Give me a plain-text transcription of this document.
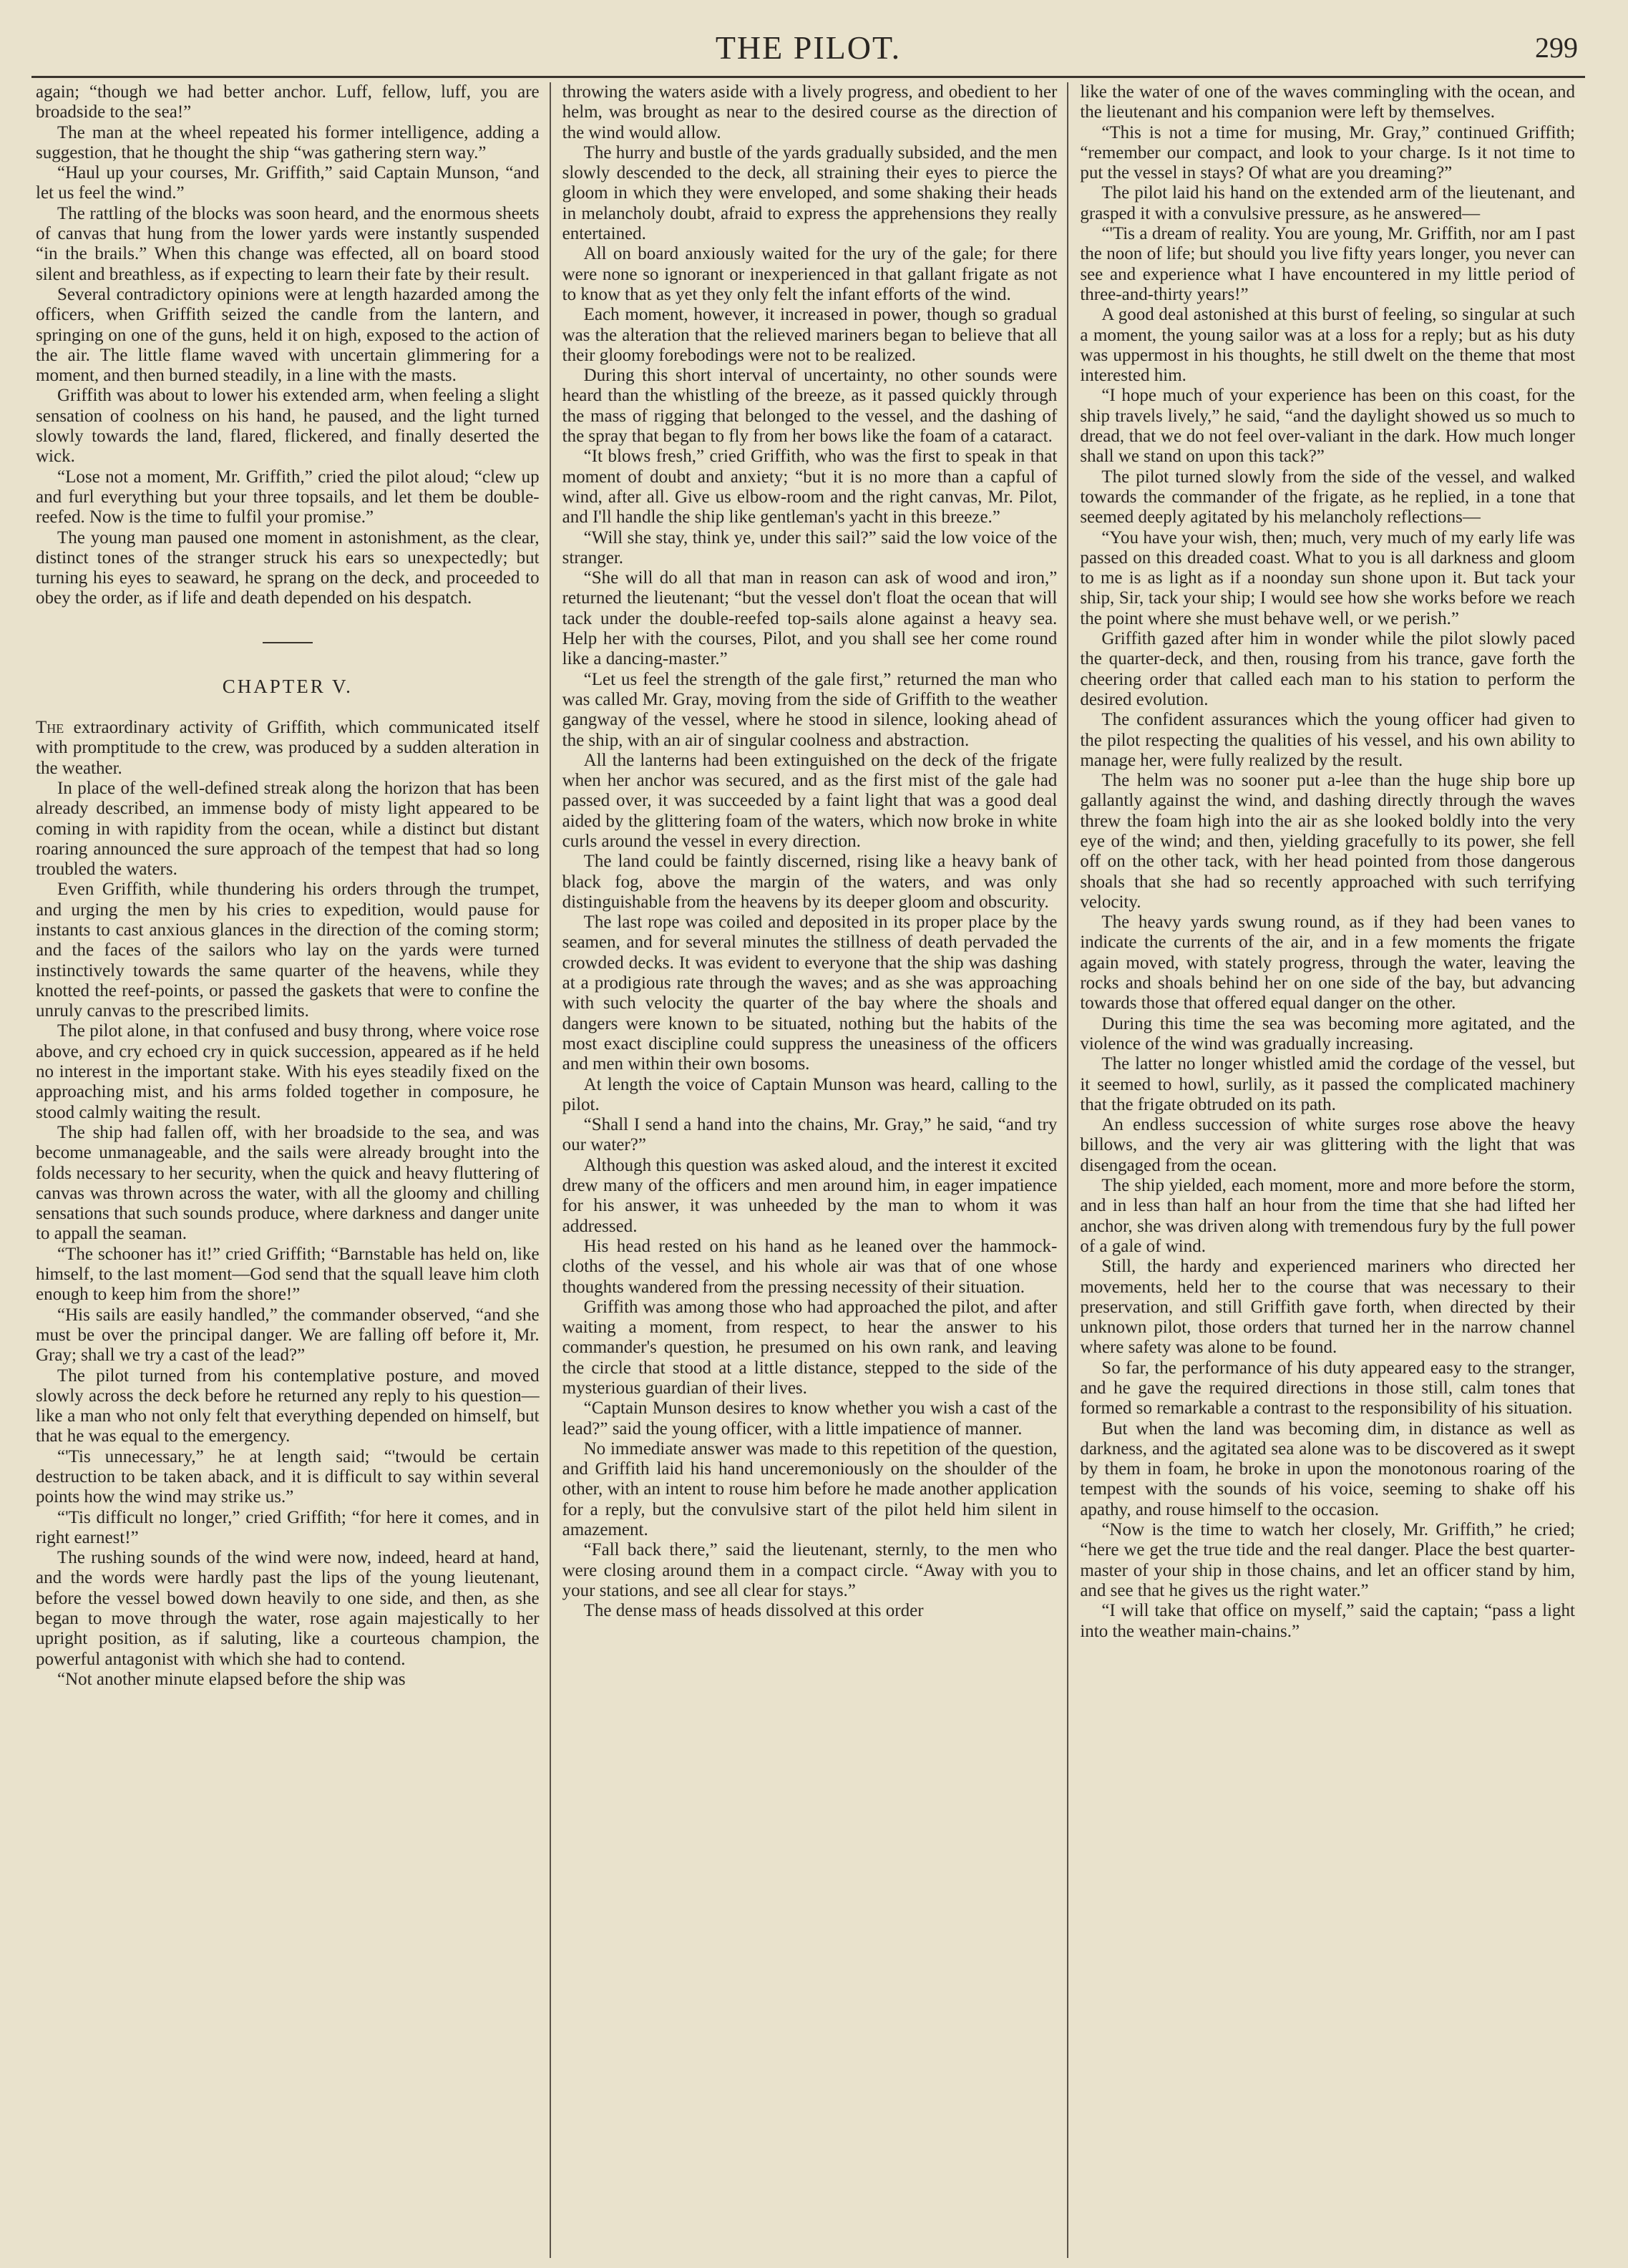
THE PILOT.	299

again; “though we had better anchor. Luff, fellow, luff, you are broadside to the sea!”

The man at the wheel repeated his former intelligence, adding a suggestion, that he thought the ship “was gathering stern way.”

“Haul up your courses, Mr. Griffith,” said Captain Munson, “and let us feel the wind.”

The rattling of the blocks was soon heard, and the enormous sheets of canvas that hung from the lower yards were instantly suspended “in the brails.” When this change was effected, all on board stood silent and breathless, as if expecting to learn their fate by their result.

Several contradictory opinions were at length hazarded among the officers, when Griffith seized the candle from the lantern, and springing on one of the guns, held it on high, exposed to the action of the air. The little flame waved with uncertain glimmering for a moment, and then burned steadily, in a line with the masts.

Griffith was about to lower his extended arm, when feeling a slight sensation of coolness on his hand, he paused, and the light turned slowly towards the land, flared, flickered, and finally deserted the wick.

“Lose not a moment, Mr. Griffith,” cried the pilot aloud; “clew up and furl everything but your three topsails, and let them be double-reefed. Now is the time to fulfil your promise.”

The young man paused one moment in astonishment, as the clear, distinct tones of the stranger struck his ears so unexpectedly; but turning his eyes to seaward, he sprang on the deck, and proceeded to obey the order, as if life and death depended on his despatch.

CHAPTER V.

The extraordinary activity of Griffith, which communicated itself with promptitude to the crew, was produced by a sudden alteration in the weather.

In place of the well-defined streak along the horizon that has been already described, an immense body of misty light appeared to be coming in with rapidity from the ocean, while a distinct but distant roaring announced the sure approach of the tempest that had so long troubled the waters.

Even Griffith, while thundering his orders through the trumpet, and urging the men by his cries to expedition, would pause for instants to cast anxious glances in the direction of the coming storm; and the faces of the sailors who lay on the yards were turned instinctively towards the same quarter of the heavens, while they knotted the reef-points, or passed the gaskets that were to confine the unruly canvas to the prescribed limits.

The pilot alone, in that confused and busy throng, where voice rose above, and cry echoed cry in quick succession, appeared as if he held no interest in the important stake. With his eyes steadily fixed on the approaching mist, and his arms folded together in composure, he stood calmly waiting the result.

The ship had fallen off, with her broadside to the sea, and was become unmanageable, and the sails were already brought into the folds necessary to her security, when the quick and heavy fluttering of canvas was thrown across the water, with all the gloomy and chilling sensations that such sounds produce, where darkness and danger unite to appall the seaman.

“The schooner has it!” cried Griffith; “Barnstable has held on, like himself, to the last moment—God send that the squall leave him cloth enough to keep him from the shore!”

“His sails are easily handled,” the commander observed, “and she must be over the principal danger. We are falling off before it, Mr. Gray; shall we try a cast of the lead?”

The pilot turned from his contemplative posture, and moved slowly across the deck before he returned any reply to his question—like a man who not only felt that everything depended on himself, but that he was equal to the emergency.

“'Tis unnecessary,” he at length said; “'twould be certain destruction to be taken aback, and it is difficult to say within several points how the wind may strike us.”

“'Tis difficult no longer,” cried Griffith; “for here it comes, and in right earnest!”

The rushing sounds of the wind were now, indeed, heard at hand, and the words were hardly past the lips of the young lieutenant, before the vessel bowed down heavily to one side, and then, as she began to move through the water, rose again majestically to her upright position, as if saluting, like a courteous champion, the powerful antagonist with which she had to contend.

“Not another minute elapsed before the ship was

throwing the waters aside with a lively progress, and obedient to her helm, was brought as near to the desired course as the direction of the wind would allow.

The hurry and bustle of the yards gradually subsided, and the men slowly descended to the deck, all straining their eyes to pierce the gloom in which they were enveloped, and some shaking their heads in melancholy doubt, afraid to express the apprehensions they really entertained.

All on board anxiously waited for the ury of the gale; for there were none so ignorant or inexperienced in that gallant frigate as not to know that as yet they only felt the infant efforts of the wind.

Each moment, however, it increased in power, though so gradual was the alteration that the relieved mariners began to believe that all their gloomy forebodings were not to be realized.

During this short interval of uncertainty, no other sounds were heard than the whistling of the breeze, as it passed quickly through the mass of rigging that belonged to the vessel, and the dashing of the spray that began to fly from her bows like the foam of a cataract.

“It blows fresh,” cried Griffith, who was the first to speak in that moment of doubt and anxiety; “but it is no more than a capful of wind, after all. Give us elbow-room and the right canvas, Mr. Pilot, and I'll handle the ship like gentleman's yacht in this breeze.”

“Will she stay, think ye, under this sail?” said the low voice of the stranger.

“She will do all that man in reason can ask of wood and iron,” returned the lieutenant; “but the vessel don't float the ocean that will tack under the double-reefed top-sails alone against a heavy sea. Help her with the courses, Pilot, and you shall see her come round like a dancing-master.”

“Let us feel the strength of the gale first,” returned the man who was called Mr. Gray, moving from the side of Griffith to the weather gangway of the vessel, where he stood in silence, looking ahead of the ship, with an air of singular coolness and abstraction.

All the lanterns had been extinguished on the deck of the frigate when her anchor was secured, and as the first mist of the gale had passed over, it was succeeded by a faint light that was a good deal aided by the glittering foam of the waters, which now broke in white curls around the vessel in every direction.

The land could be faintly discerned, rising like a heavy bank of black fog, above the margin of the waters, and was only distinguishable from the heavens by its deeper gloom and obscurity.

The last rope was coiled and deposited in its proper place by the seamen, and for several minutes the stillness of death pervaded the crowded decks. It was evident to everyone that the ship was dashing at a prodigious rate through the waves; and as she was approaching with such velocity the quarter of the bay where the shoals and dangers were known to be situated, nothing but the habits of the most exact discipline could suppress the uneasiness of the officers and men within their own bosoms.

At length the voice of Captain Munson was heard, calling to the pilot.

“Shall I send a hand into the chains, Mr. Gray,” he said, “and try our water?”

Although this question was asked aloud, and the interest it excited drew many of the officers and men around him, in eager impatience for his answer, it was unheeded by the man to whom it was addressed.

His head rested on his hand as he leaned over the hammock-cloths of the vessel, and his whole air was that of one whose thoughts wandered from the pressing necessity of their situation.

Griffith was among those who had approached the pilot, and after waiting a moment, from respect, to hear the answer to his commander's question, he presumed on his own rank, and leaving the circle that stood at a little distance, stepped to the side of the mysterious guardian of their lives.

“Captain Munson desires to know whether you wish a cast of the lead?” said the young officer, with a little impatience of manner.

No immediate answer was made to this repetition of the question, and Griffith laid his hand unceremoniously on the shoulder of the other, with an intent to rouse him before he made another application for a reply, but the convulsive start of the pilot held him silent in amazement.

“Fall back there,” said the lieutenant, sternly, to the men who were closing around them in a compact circle. “Away with you to your stations, and see all clear for stays.”

The dense mass of heads dissolved at this order

like the water of one of the waves commingling with the ocean, and the lieutenant and his companion were left by themselves.

“This is not a time for musing, Mr. Gray,” continued Griffith; “remember our compact, and look to your charge. Is it not time to put the vessel in stays? Of what are you dreaming?”

The pilot laid his hand on the extended arm of the lieutenant, and grasped it with a convulsive pressure, as he answered—

“'Tis a dream of reality. You are young, Mr. Griffith, nor am I past the noon of life; but should you live fifty years longer, you never can see and experience what I have encountered in my little period of three-and-thirty years!”

A good deal astonished at this burst of feeling, so singular at such a moment, the young sailor was at a loss for a reply; but as his duty was uppermost in his thoughts, he still dwelt on the theme that most interested him.

“I hope much of your experience has been on this coast, for the ship travels lively,” he said, “and the daylight showed us so much to dread, that we do not feel over-valiant in the dark. How much longer shall we stand on upon this tack?”

The pilot turned slowly from the side of the vessel, and walked towards the commander of the frigate, as he replied, in a tone that seemed deeply agitated by his melancholy reflections—

“You have your wish, then; much, very much of my early life was passed on this dreaded coast. What to you is all darkness and gloom to me is as light as if a noonday sun shone upon it. But tack your ship, Sir, tack your ship; I would see how she works before we reach the point where she must behave well, or we perish.”

Griffith gazed after him in wonder while the pilot slowly paced the quarter-deck, and then, rousing from his trance, gave forth the cheering order that called each man to his station to perform the desired evolution.

The confident assurances which the young officer had given to the pilot respecting the qualities of his vessel, and his own ability to manage her, were fully realized by the result.

The helm was no sooner put a-lee than the huge ship bore up gallantly against the wind, and dashing directly through the waves threw the foam high into the air as she looked boldly into the very eye of the wind; and then, yielding gracefully to its power, she fell off on the other tack, with her head pointed from those dangerous shoals that she had so recently approached with such terrifying velocity.

The heavy yards swung round, as if they had been vanes to indicate the currents of the air, and in a few moments the frigate again moved, with stately progress, through the water, leaving the rocks and shoals behind her on one side of the bay, but advancing towards those that offered equal danger on the other.

During this time the sea was becoming more agitated, and the violence of the wind was gradually increasing.

The latter no longer whistled amid the cordage of the vessel, but it seemed to howl, surlily, as it passed the complicated machinery that the frigate obtruded on its path.

An endless succession of white surges rose above the heavy billows, and the very air was glittering with the light that was disengaged from the ocean.

The ship yielded, each moment, more and more before the storm, and in less than half an hour from the time that she had lifted her anchor, she was driven along with tremendous fury by the full power of a gale of wind.

Still, the hardy and experienced mariners who directed her movements, held her to the course that was necessary to their preservation, and still Griffith gave forth, when directed by their unknown pilot, those orders that turned her in the narrow channel where safety was alone to be found.

So far, the performance of his duty appeared easy to the stranger, and he gave the required directions in those still, calm tones that formed so remarkable a contrast to the responsibility of his situation.

But when the land was becoming dim, in distance as well as darkness, and the agitated sea alone was to be discovered as it swept by them in foam, he broke in upon the monotonous roaring of the tempest with the sounds of his voice, seeming to shake off his apathy, and rouse himself to the occasion.

“Now is the time to watch her closely, Mr. Griffith,” he cried; “here we get the true tide and the real danger. Place the best quarter-master of your ship in those chains, and let an officer stand by him, and see that he gives us the right water.”

“I will take that office on myself,” said the captain; “pass a light into the weather main-chains.”
